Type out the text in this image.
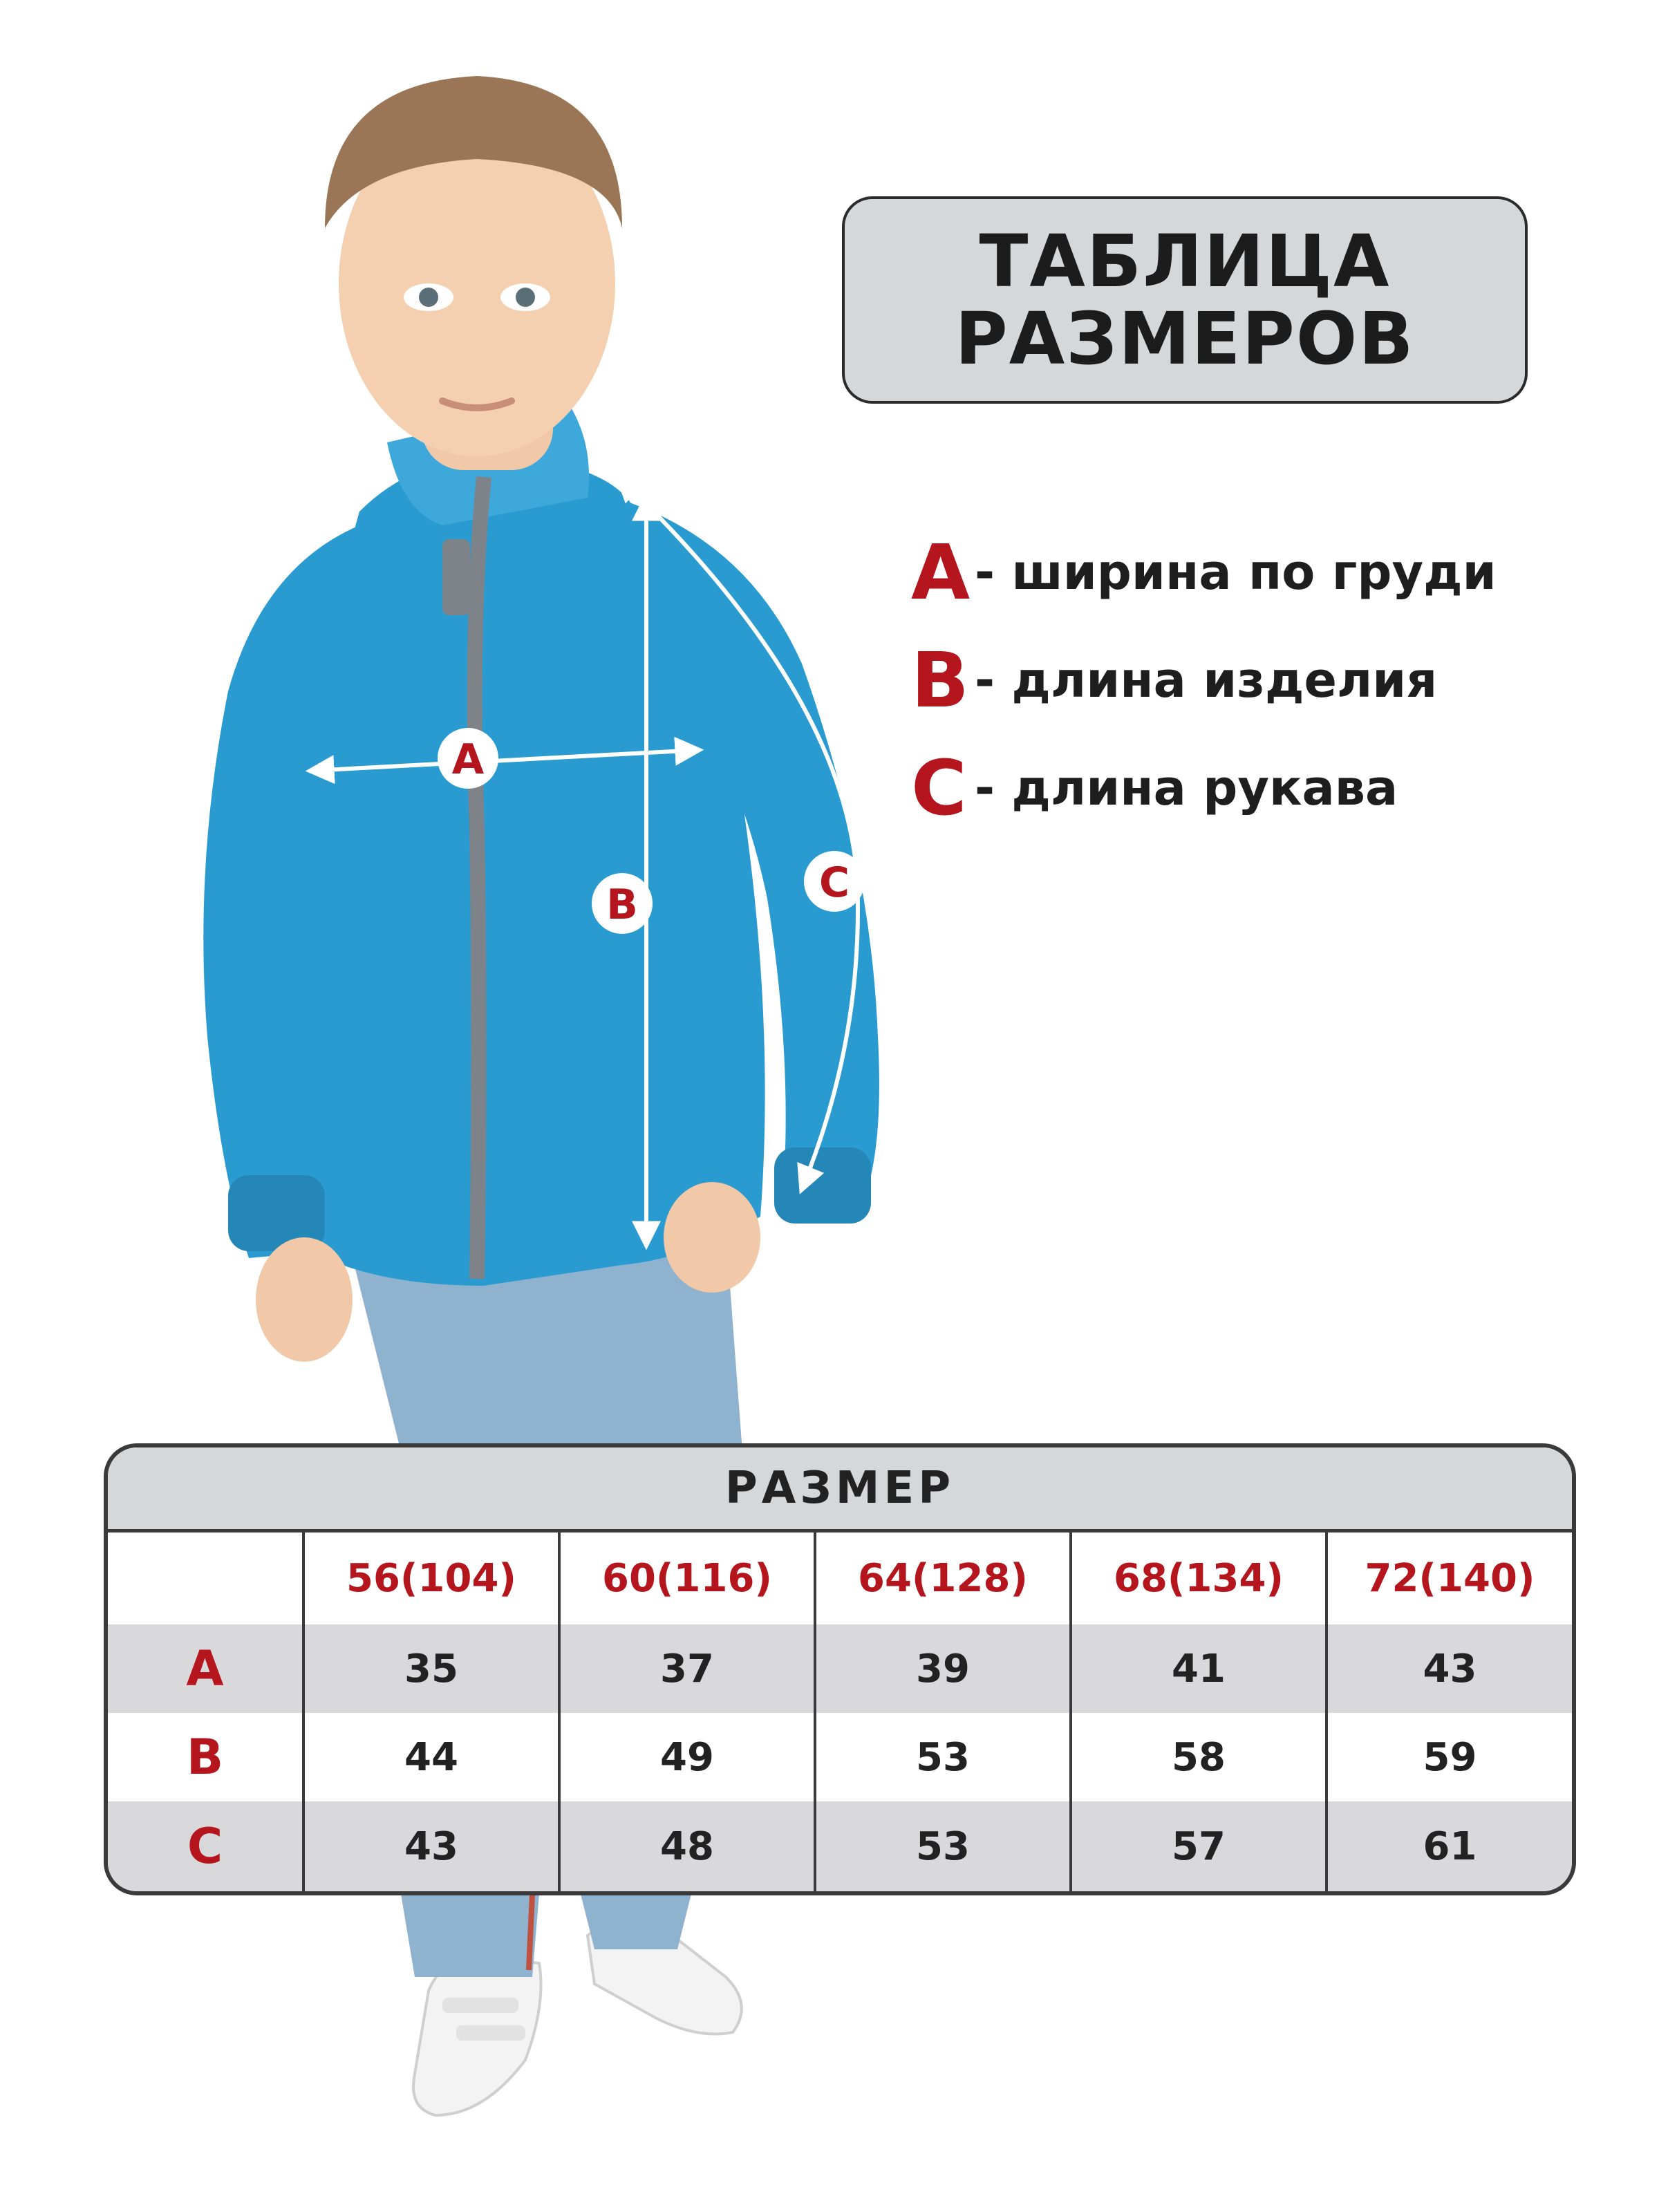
A
B	C
ТАБЛИЦА
РАЗМЕРОВ
A - ширина по груди
B - длина изделия
C - длина рукава
РАЗМЕР
56(104)	60(116)	64(128)	68(134)	72(140)
A	35	37	39	41	43
B	44	49	53	58	59
C	43	48	53	57	61
